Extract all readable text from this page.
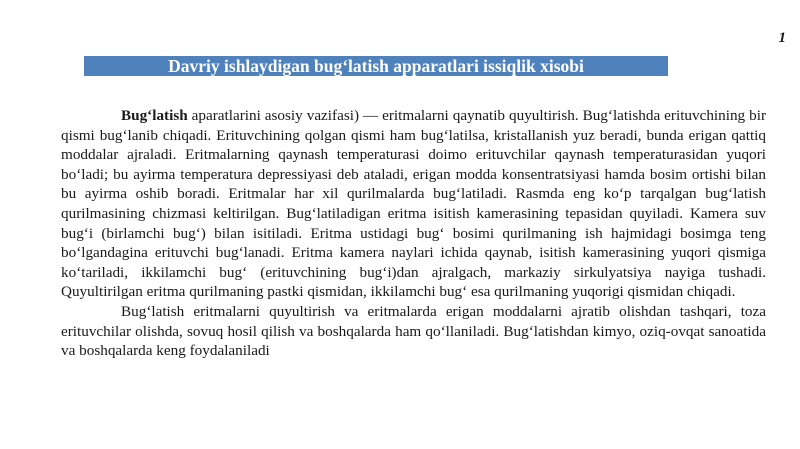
1
Davriy ishlaydigan bug‘latish apparatlari issiqlik xisobi

Bug‘latish aparatlarini asosiy vazifasi) — eritmalarni qaynatib quyultirish. Bug‘latishda erituvchining bir qismi bug‘lanib chiqadi. Erituvchining qolgan qismi ham bug‘latilsa, kristallanish yuz beradi, bunda erigan qattiq moddalar ajraladi. Eritmalarning qaynash temperaturasi doimo erituvchilar qaynash temperaturasidan yuqori bo‘ladi; bu ayirma temperatura depressiyasi deb ataladi, erigan modda konsentratsiyasi hamda bosim ortishi bilan bu ayirma oshib boradi. Eritmalar har xil qurilmalarda bug‘latiladi. Rasmda eng ko‘p tarqalgan bug‘latish qurilmasining chizmasi keltirilgan. Bug‘latiladigan eritma isitish kamerasining tepasidan quyiladi. Kamera suv bug‘i (birlamchi bug‘) bilan isitiladi. Eritma ustidagi bug‘ bosimi qurilmaning ish hajmidagi bosimga teng bo‘lgandagina erituvchi bug‘lanadi. Eritma kamera naylari ichida qaynab, isitish kamerasining yuqori qismiga ko‘tariladi, ikkilamchi bug‘ (erituvchining bug‘i)dan ajralgach, markaziy sirkulyatsiya nayiga tushadi. Quyultirilgan eritma qurilmaning pastki qismidan, ikkilamchi bug‘ esa qurilmaning yuqorigi qismidan chiqadi.

Bug‘latish eritmalarni quyultirish va eritmalarda erigan moddalarni ajratib olishdan tashqari, toza erituvchilar olishda, sovuq hosil qilish va boshqalarda ham qo‘llaniladi. Bug‘latishdan kimyo, oziq-ovqat sanoatida va boshqalarda keng foydalaniladi
